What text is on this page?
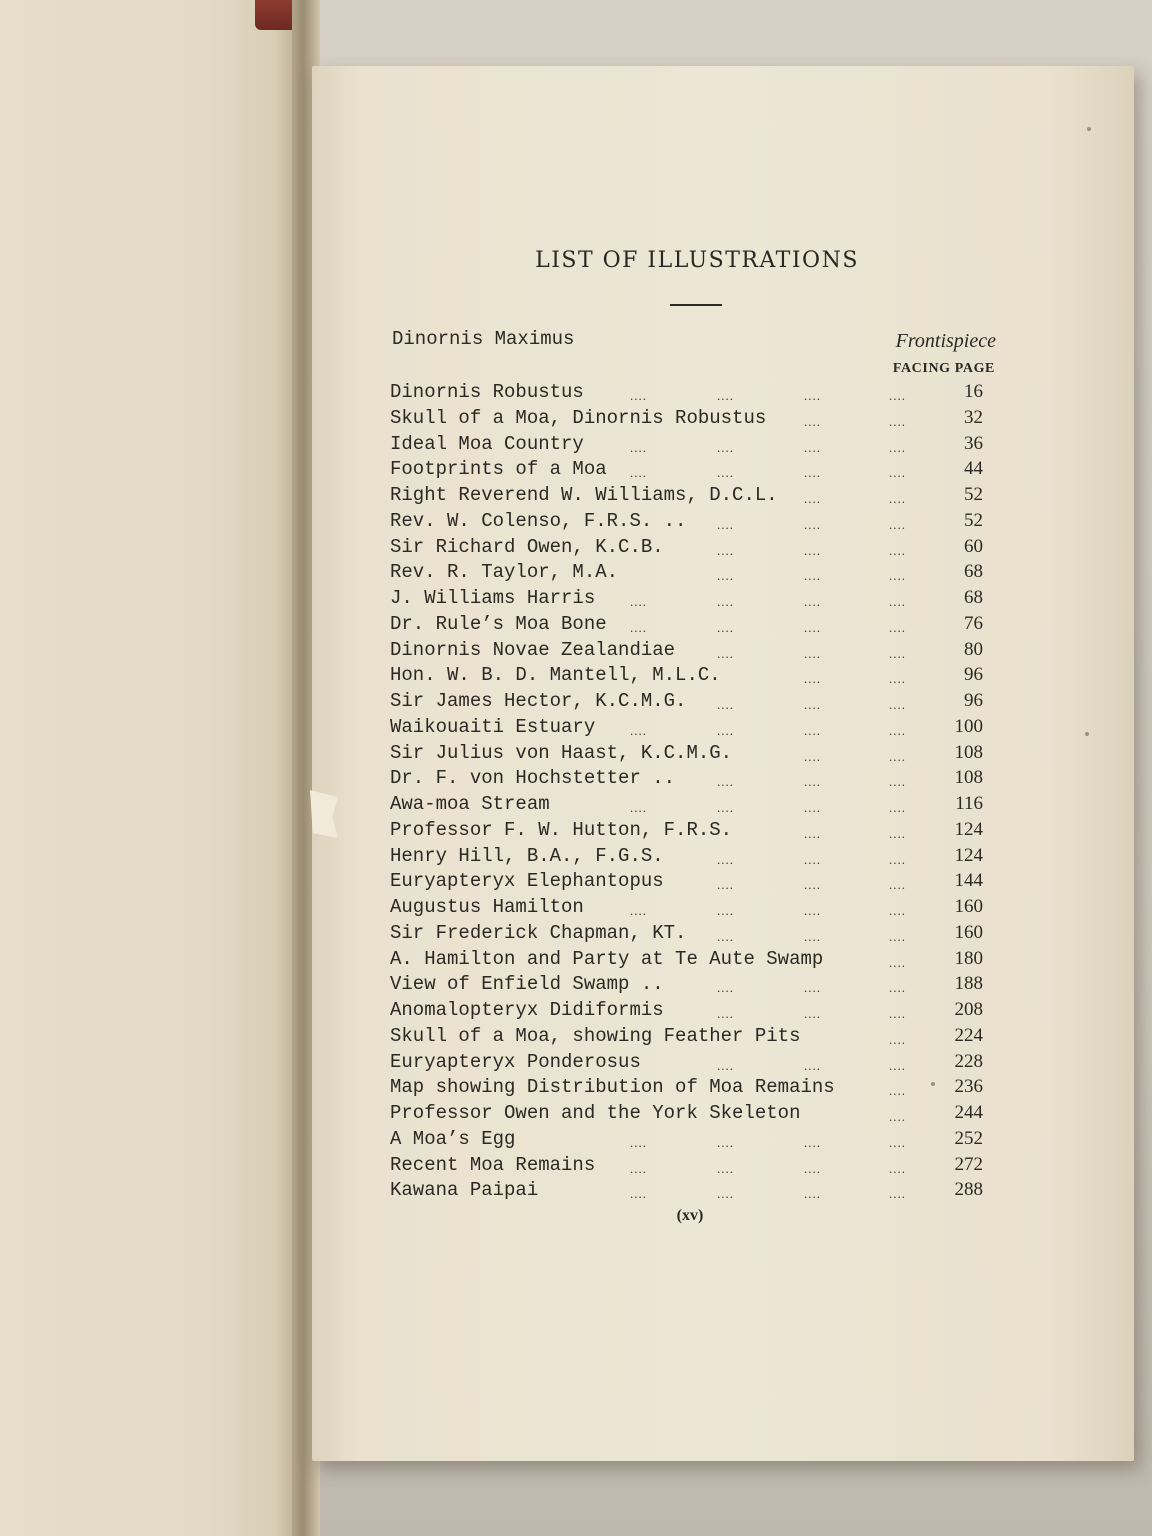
LIST OF ILLUSTRATIONS
Dinornis Maximus	Frontispiece
FACING PAGE
Dinornis Robustus	....	....	....	....	16
Skull of a Moa, Dinornis Robustus	....	....	32
Ideal Moa Country	....	....	....	....	36
Footprints of a Moa ....	....	....	....	44
Right Reverend W. Williams, D.C.L. ....	....	52
Rev. W. Colenso, F.R.S. .. ....	....	....	52
Sir Richard Owen, K.C.B.	....	....	....	60
Rev. R. Taylor, M.A.	....	....	....	68
J. Williams Harris	....	....	....	....	68
Dr. Rule’s Moa Bone ....	....	....	....	76
Dinornis Novae Zealandiae	....	....	....	80
Hon. W. B. D. Mantell, M.L.C.	....	....	96
Sir James Hector, K.C.M.G. ....	....	....	96
Waikouaiti Estuary	....	....	....	....	100
Sir Julius von Haast, K.C.M.G.	....	....	108
Dr. F. von Hochstetter ..	....	....	....	108
Awa-moa Stream	....	....	....	....	116
Professor F. W. Hutton, F.R.S.	....	....	124
Henry Hill, B.A., F.G.S.	....	....	....	124
Euryapteryx Elephantopus	....	....	....	144
Augustus Hamilton	....	....	....	....	160
Sir Frederick Chapman, KT. ....	....	....	160
A. Hamilton and Party at Te Aute Swamp	....	180
View of Enfield Swamp ..	....	....	....	188
Anomalopteryx Didiformis	....	....	....	208
Skull of a Moa, showing Feather Pits	....	224
Euryapteryx Ponderosus	....	....	....	228
Map showing Distribution of Moa Remains	....	236
Professor Owen and the York Skeleton	....	244
A Moa’s Egg	....	....	....	....	252
Recent Moa Remains	....	....	....	....	272
Kawana Paipai	....	....	....	....	288
(xv)
